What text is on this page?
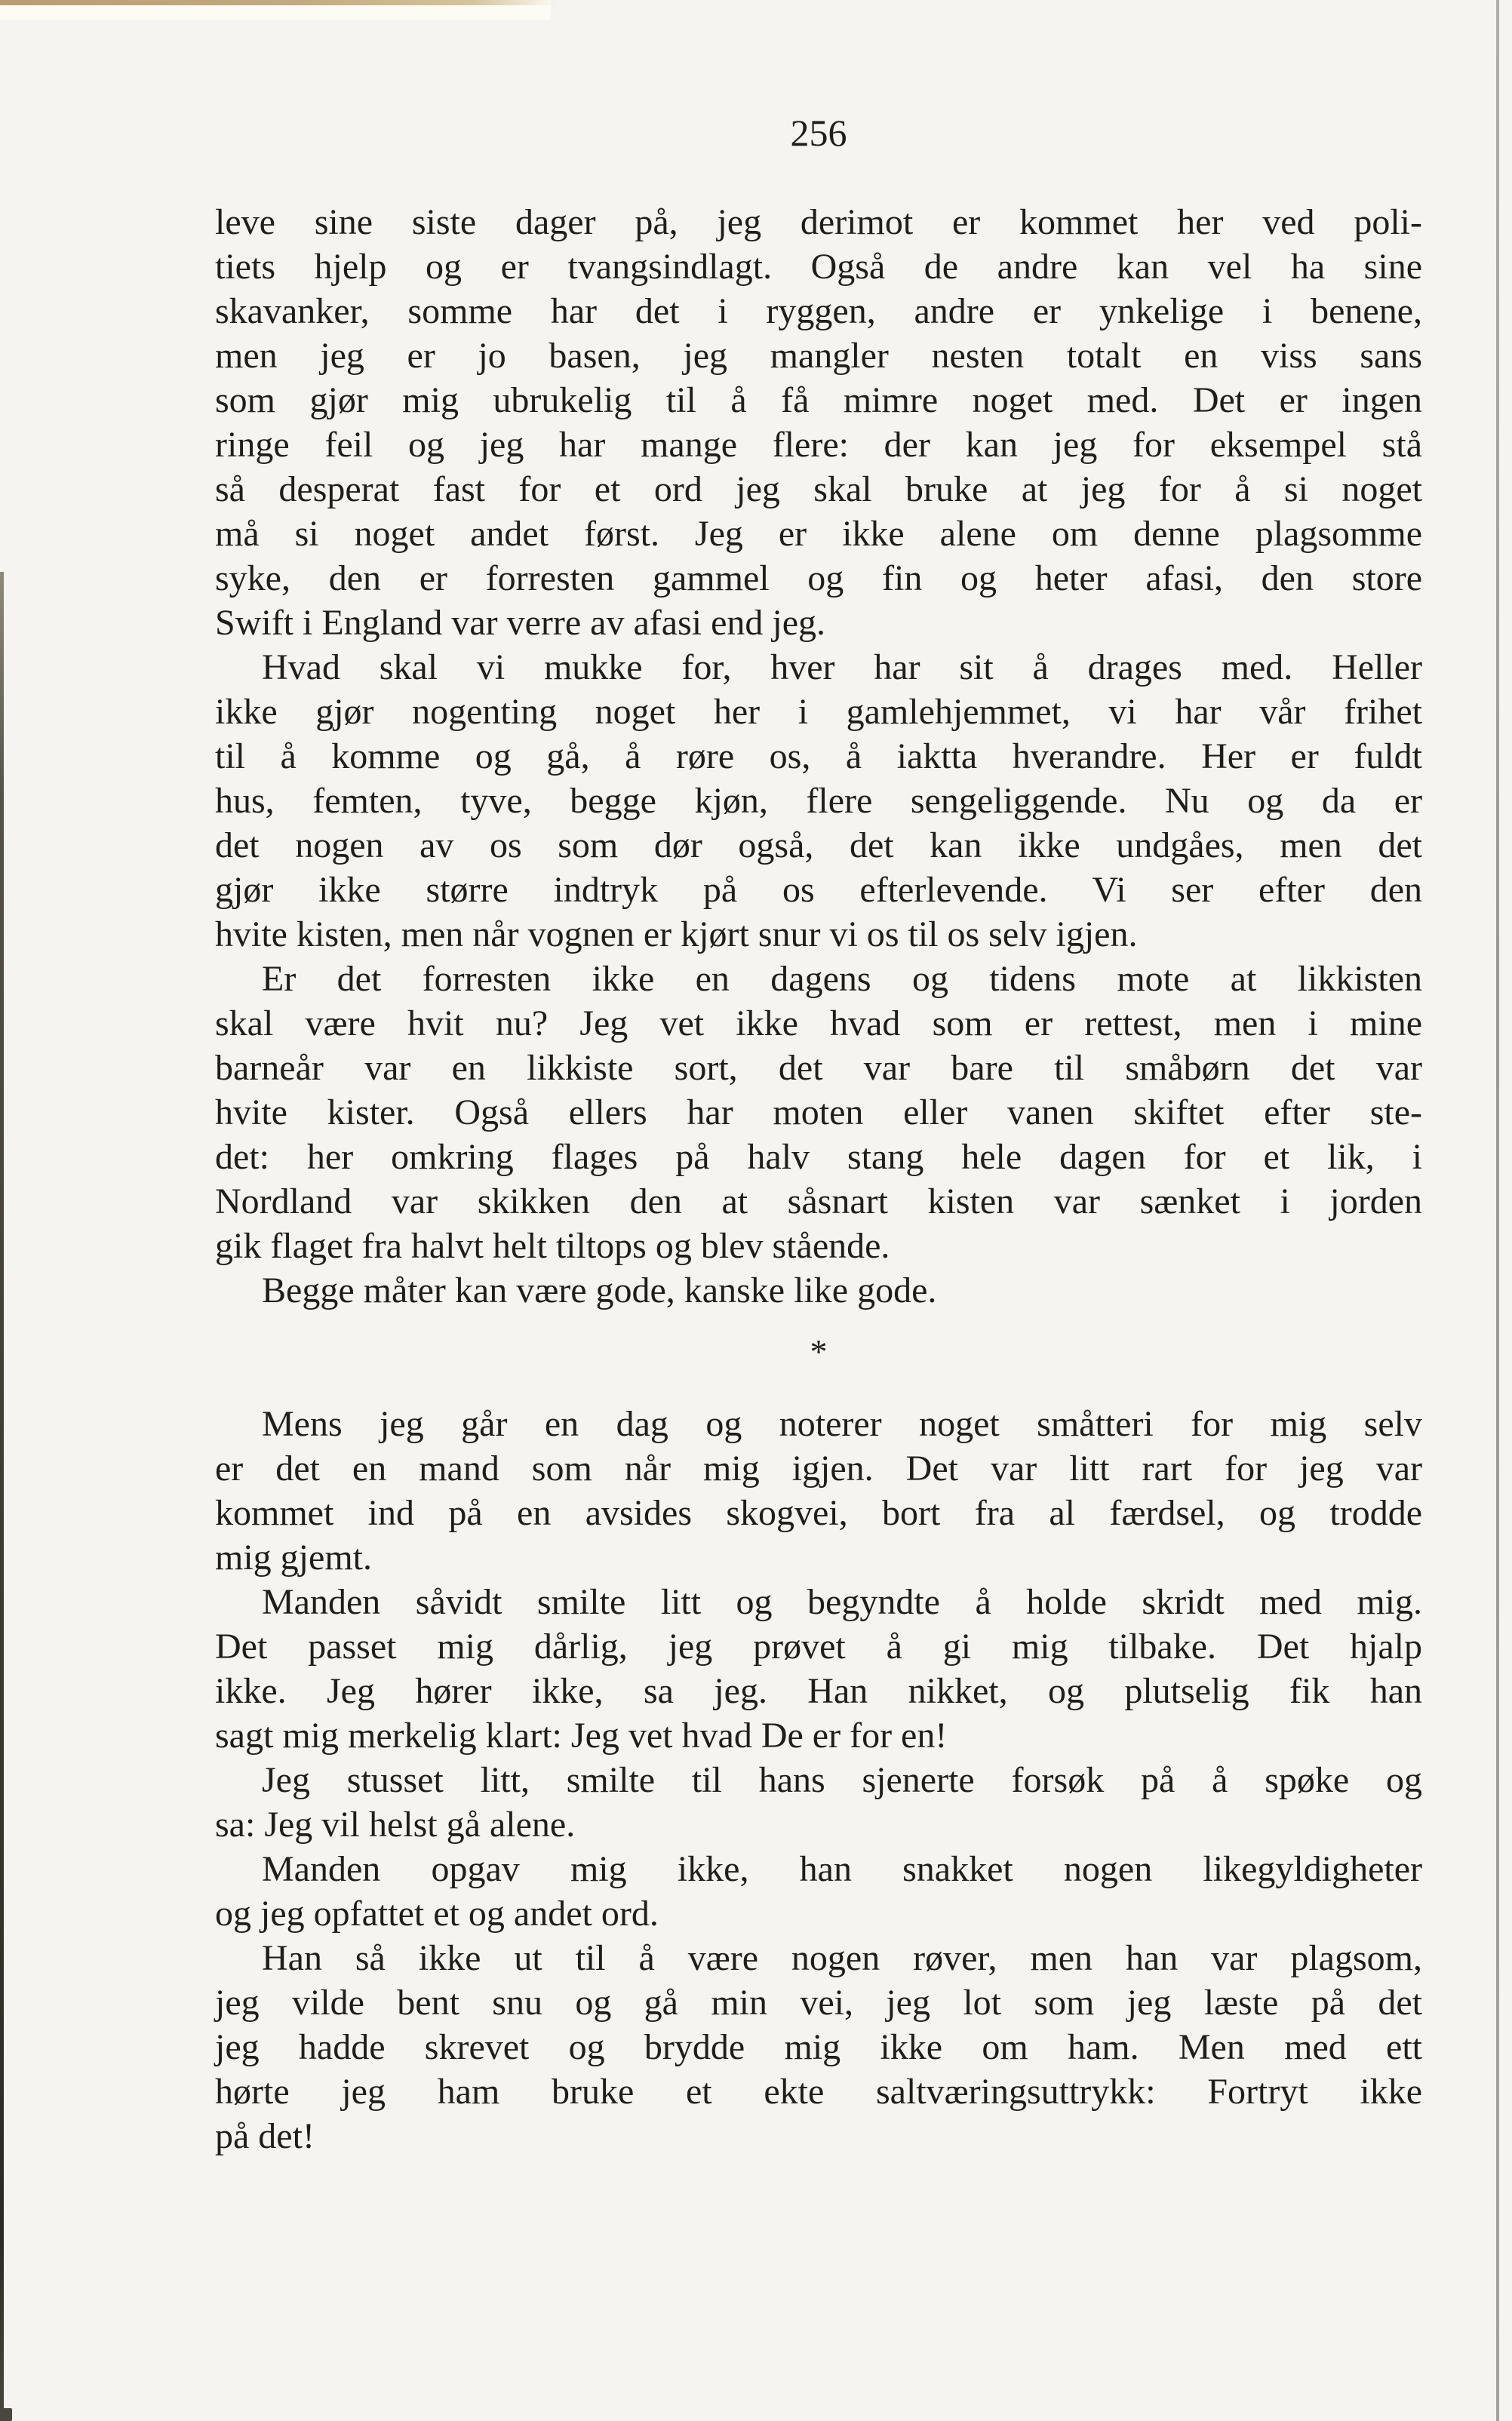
256
leve sine siste dager på, jeg derimot er kommet her ved poli-
tiets hjelp og er tvangsindlagt. Også de andre kan vel ha sine
skavanker, somme har det i ryggen, andre er ynkelige i benene,
men jeg er jo basen, jeg mangler nesten totalt en viss sans
som gjør mig ubrukelig til å få mimre noget med. Det er ingen
ringe feil og jeg har mange flere: der kan jeg for eksempel stå
så desperat fast for et ord jeg skal bruke at jeg for å si noget
må si noget andet først. Jeg er ikke alene om denne plagsomme
syke, den er forresten gammel og fin og heter afasi, den store
Swift i England var verre av afasi end jeg.
Hvad skal vi mukke for, hver har sit å drages med. Heller
ikke gjør nogenting noget her i gamlehjemmet, vi har vår frihet
til å komme og gå, å røre os, å iaktta hverandre. Her er fuldt
hus, femten, tyve, begge kjøn, flere sengeliggende. Nu og da er
det nogen av os som dør også, det kan ikke undgåes, men det
gjør ikke større indtryk på os efterlevende. Vi ser efter den
hvite kisten, men når vognen er kjørt snur vi os til os selv igjen.
Er det forresten ikke en dagens og tidens mote at likkisten
skal være hvit nu? Jeg vet ikke hvad som er rettest, men i mine
barneår var en likkiste sort, det var bare til småbørn det var
hvite kister. Også ellers har moten eller vanen skiftet efter ste-
det: her omkring flages på halv stang hele dagen for et lik, i
Nordland var skikken den at såsnart kisten var sænket i jorden
gik flaget fra halvt helt tiltops og blev stående.
Begge måter kan være gode, kanske like gode.
*
Mens jeg går en dag og noterer noget småtteri for mig selv
er det en mand som når mig igjen. Det var litt rart for jeg var
kommet ind på en avsides skogvei, bort fra al færdsel, og trodde
mig gjemt.
Manden såvidt smilte litt og begyndte å holde skridt med mig.
Det passet mig dårlig, jeg prøvet å gi mig tilbake. Det hjalp
ikke. Jeg hører ikke, sa jeg. Han nikket, og plutselig fik han
sagt mig merkelig klart: Jeg vet hvad De er for en!
Jeg stusset litt, smilte til hans sjenerte forsøk på å spøke og
sa: Jeg vil helst gå alene.
Manden opgav mig ikke, han snakket nogen likegyldigheter
og jeg opfattet et og andet ord.
Han så ikke ut til å være nogen røver, men han var plagsom,
jeg vilde bent snu og gå min vei, jeg lot som jeg læste på det
jeg hadde skrevet og brydde mig ikke om ham. Men med ett
hørte jeg ham bruke et ekte saltværingsuttrykk: Fortryt ikke
på det!
